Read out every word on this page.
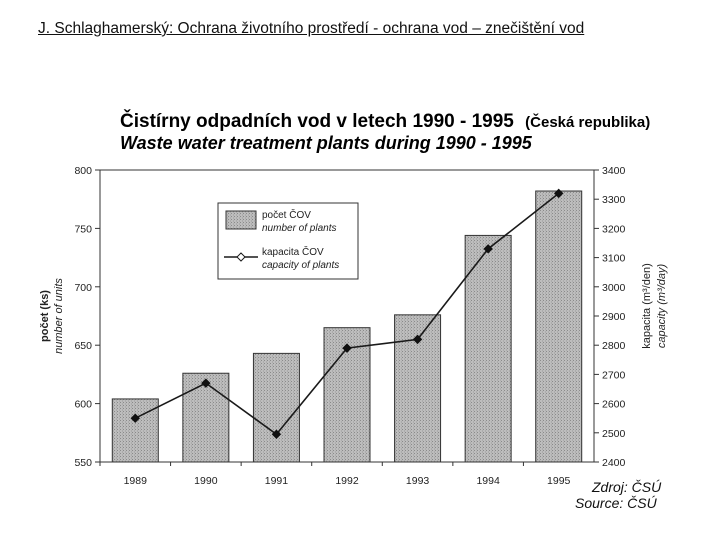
J. Schlaghamerský: Ochrana životního prostředí - ochrana vod – znečištění vod
Čistírny odpadních vod v letech 1990 - 1995 (Česká republika)
Waste water treatment plants during 1990 - 1995
550
600
650
700
750
800
2400
2500
2600
2700
2800
2900
3000
3100
3200
3300
3400
1989	1990	1991	1992	1993	1994	1995
počet (ks) number of units	kapacita (m³/den) capacity (m³/day)
počet ČOV
number of plants
kapacita ČOV
capacity of plants
Zdroj: ČSÚ
Source: ČSÚ
